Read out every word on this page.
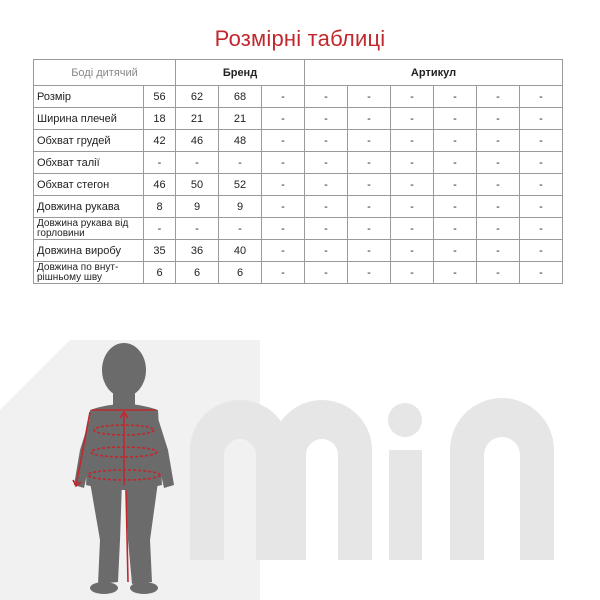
Розмірні таблиці
Боді дитячий		Бренд			Артикул					
Розмір	56	62	68	-	-	-	-	-	-	-
Ширина плечей	18	21	21	-	-	-	-	-	-	-
Обхват грудей	42	46	48	-	-	-	-	-	-	-
Обхват талії	-	-	-	-	-	-	-	-	-	-
Обхват стегон	46	50	52	-	-	-	-	-	-	-
Довжина рукава	8	9	9	-	-	-	-	-	-	-
Довжина рукава від горловини	-	-	-	-	-	-	-	-	-	-
Довжина виробу	35	36	40	-	-	-	-	-	-	-
Довжина по внут-рішньому шву	6	6	6	-	-	-	-	-	-	-
